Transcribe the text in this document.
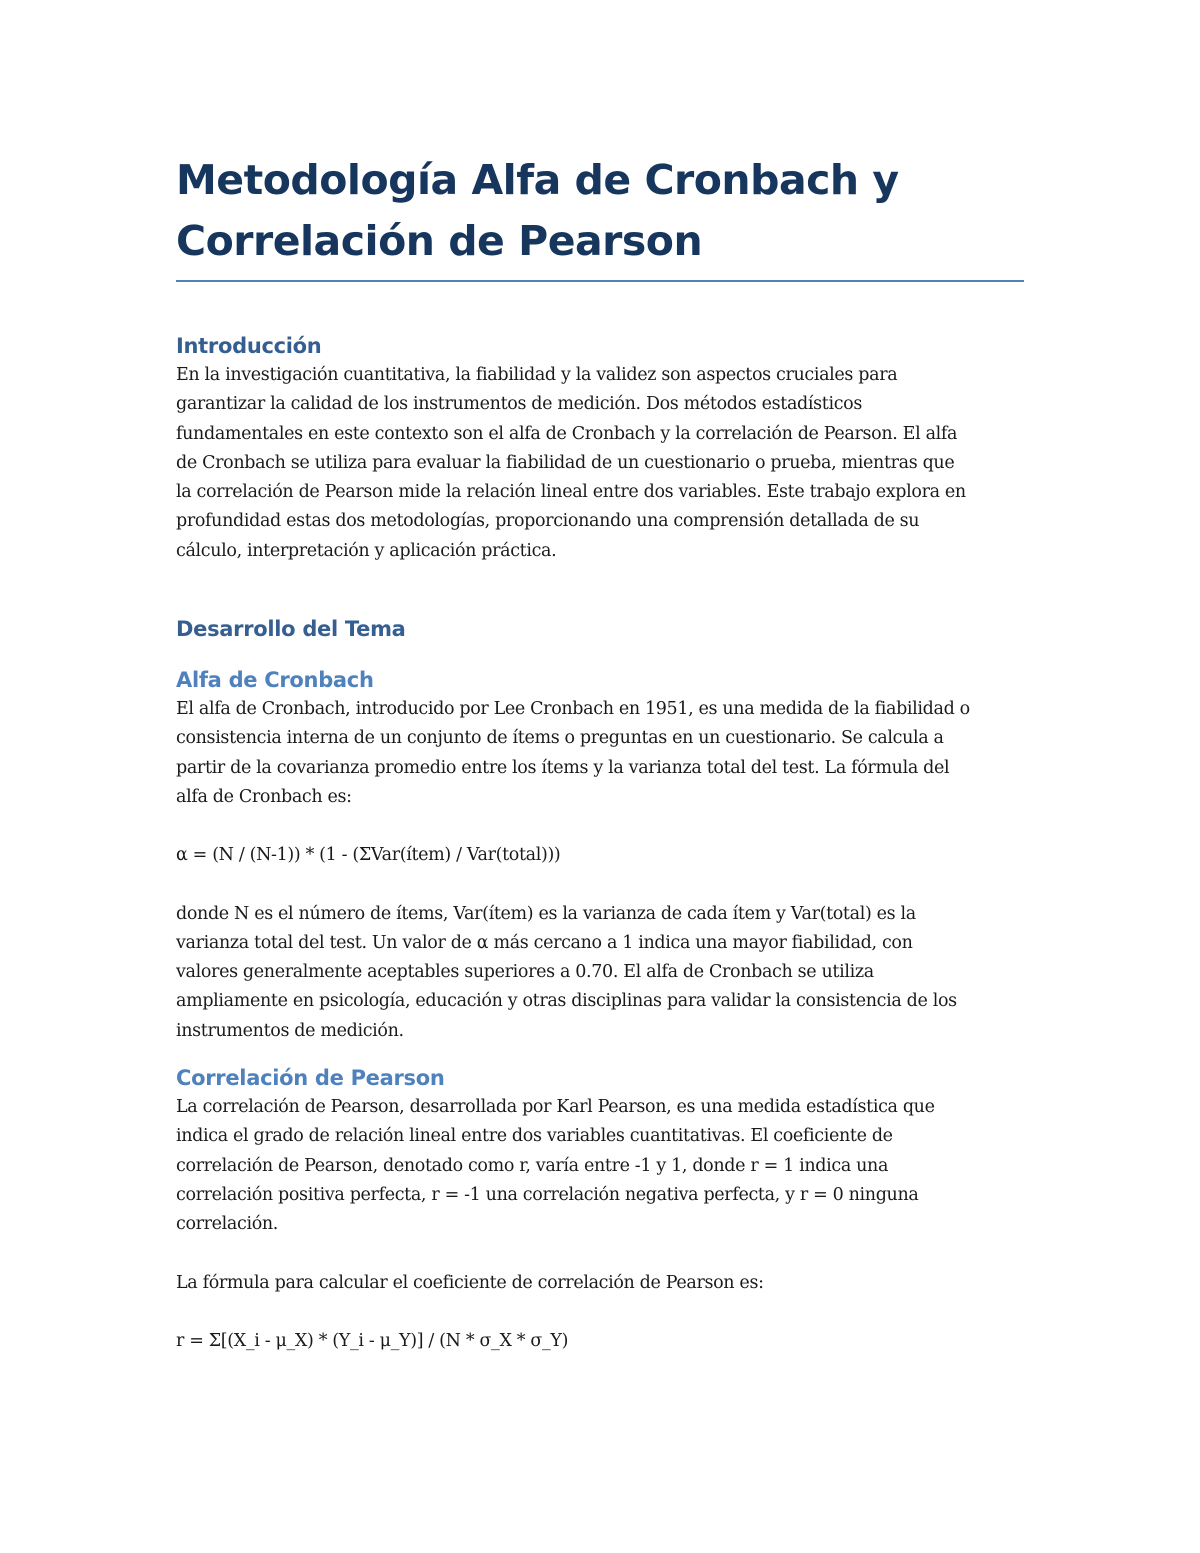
Metodología Alfa de Cronbach y
Correlación de Pearson
Introducción

En la investigación cuantitativa, la fiabilidad y la validez son aspectos cruciales para
garantizar la calidad de los instrumentos de medición. Dos métodos estadísticos
fundamentales en este contexto son el alfa de Cronbach y la correlación de Pearson. El alfa
de Cronbach se utiliza para evaluar la fiabilidad de un cuestionario o prueba, mientras que
la correlación de Pearson mide la relación lineal entre dos variables. Este trabajo explora en
profundidad estas dos metodologías, proporcionando una comprensión detallada de su
cálculo, interpretación y aplicación práctica.

Desarrollo del Tema
Alfa de Cronbach

El alfa de Cronbach, introducido por Lee Cronbach en 1951, es una medida de la fiabilidad o
consistencia interna de un conjunto de ítems o preguntas en un cuestionario. Se calcula a
partir de la covarianza promedio entre los ítems y la varianza total del test. La fórmula del
alfa de Cronbach es:

α = (N / (N-1)) * (1 - (ΣVar(ítem) / Var(total)))

donde N es el número de ítems, Var(ítem) es la varianza de cada ítem y Var(total) es la
varianza total del test. Un valor de α más cercano a 1 indica una mayor fiabilidad, con
valores generalmente aceptables superiores a 0.70. El alfa de Cronbach se utiliza
ampliamente en psicología, educación y otras disciplinas para validar la consistencia de los
instrumentos de medición.

Correlación de Pearson

La correlación de Pearson, desarrollada por Karl Pearson, es una medida estadística que
indica el grado de relación lineal entre dos variables cuantitativas. El coeficiente de
correlación de Pearson, denotado como r, varía entre -1 y 1, donde r = 1 indica una
correlación positiva perfecta, r = -1 una correlación negativa perfecta, y r = 0 ninguna
correlación.

La fórmula para calcular el coeficiente de correlación de Pearson es:

r = Σ[(X_i - μ_X) * (Y_i - μ_Y)] / (N * σ_X * σ_Y)
